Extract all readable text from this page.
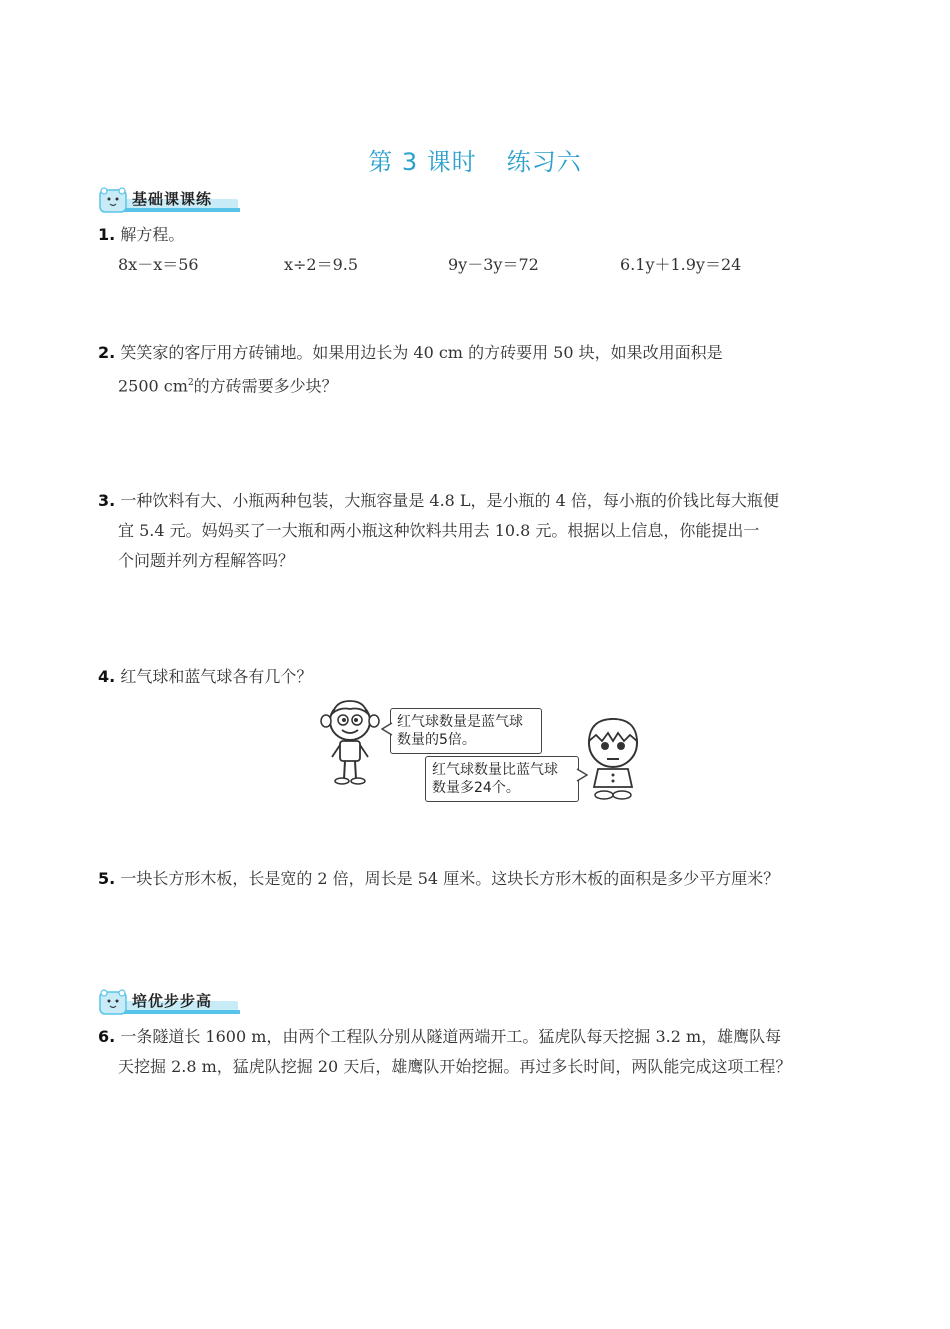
第 3 课时 练习六
基础课课练
1. 解方程。
8x－x＝56	x÷2＝9.5	9y－3y＝72	6.1y＋1.9y＝24
2. 笑笑家的客厅用方砖铺地。如果用边长为 40 cm 的方砖要用 50 块，如果改用面积是
2500 $cm^2$的方砖需要多少块？
3. 一种饮料有大、小瓶两种包装，大瓶容量是 4.8 L，是小瓶的 4 倍，每小瓶的价钱比每大瓶便
宜 5.4 元。妈妈买了一大瓶和两小瓶这种饮料共用去 10.8 元。根据以上信息，你能提出一
个问题并列方程解答吗？
4. 红气球和蓝气球各有几个？
红气球数量是蓝气球
数量的5倍。
红气球数量比蓝气球
数量多24个。
5. 一块长方形木板，长是宽的 2 倍，周长是 54 厘米。这块长方形木板的面积是多少平方厘米？
培优步步高
6. 一条隧道长 1600 m，由两个工程队分别从隧道两端开工。猛虎队每天挖掘 3.2 m，雄鹰队每
天挖掘 2.8 m，猛虎队挖掘 20 天后，雄鹰队开始挖掘。再过多长时间，两队能完成这项工程？
